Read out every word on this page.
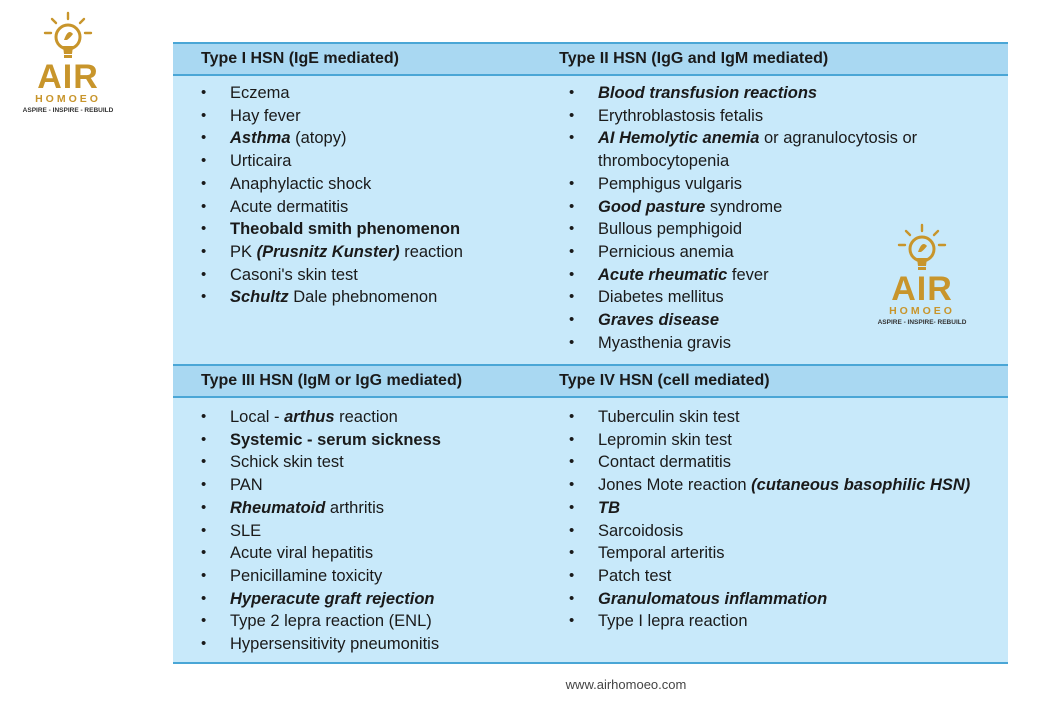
AIR
HOMOEO
ASPIRE - INSPIRE - REBUILD
Type I HSN (IgE mediated)	Type II HSN (IgG and IgM mediated)
• Eczema
• Hay fever
• Asthma (atopy)
• Urticaira
• Anaphylactic shock
• Acute dermatitis
• Theobald smith phenomenon
• PK (Prusnitz Kunster) reaction
• Casoni's skin test
• Schultz Dale phebnomenon
• Blood transfusion reactions
• Erythroblastosis fetalis
• AI Hemolytic anemia or agranulocytosis or thrombocytopenia
• Pemphigus vulgaris
• Good pasture syndrome
• Bullous pemphigoid
• Pernicious anemia
• Acute rheumatic fever
• Diabetes mellitus
• Graves disease
• Myasthenia gravis
Type III HSN (IgM or IgG mediated)	Type IV HSN (cell mediated)
• Local - arthus reaction
• Systemic - serum sickness
• Schick skin test
• PAN
• Rheumatoid arthritis
• SLE
• Acute viral hepatitis
• Penicillamine toxicity
• Hyperacute graft rejection
• Type 2 lepra reaction (ENL)
• Hypersensitivity pneumonitis
• Tuberculin skin test
• Lepromin skin test
• Contact dermatitis
• Jones Mote reaction (cutaneous basophilic HSN)
• TB
• Sarcoidosis
• Temporal arteritis
• Patch test
• Granulomatous inflammation
• Type I lepra reaction
AIR
HOMOEO
ASPIRE - INSPIRE- REBUILD
www.airhomoeo.com
